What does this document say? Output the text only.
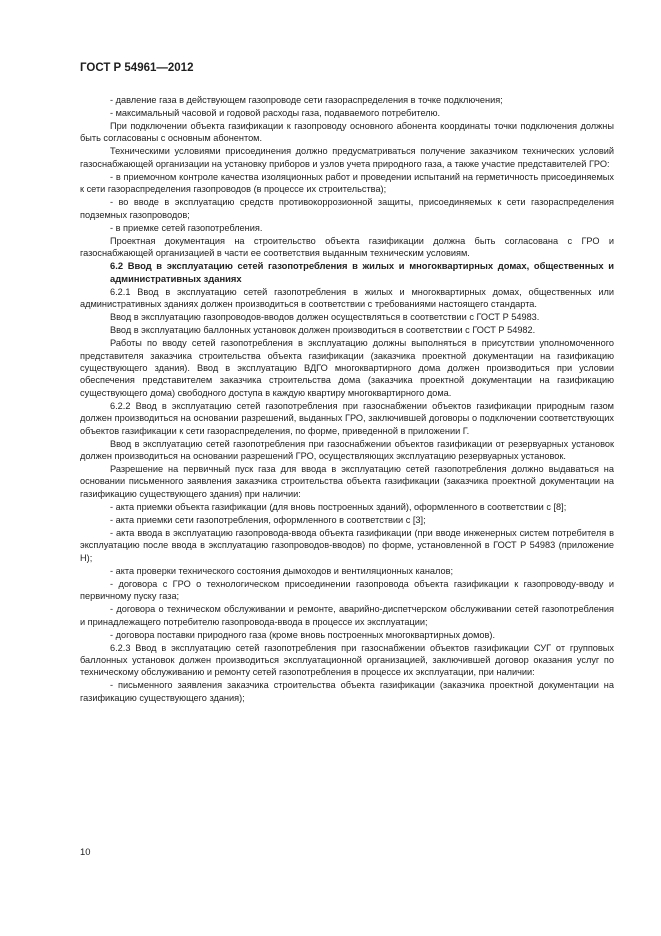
ГОСТ Р 54961—2012

- давление газа в действующем газопроводе сети газораспределения в точке подключения;

- максимальный часовой и годовой расходы газа, подаваемого потребителю.

При подключении объекта газификации к газопроводу основного абонента координаты точки подключения должны быть согласованы с основным абонентом.

Техническими условиями присоединения должно предусматриваться получение заказчиком технических условий газоснабжающей организации на установку приборов и узлов учета природного газа, а также участие представителей ГРО:

- в приемочном контроле качества изоляционных работ и проведении испытаний на герметичность присоединяемых к сети газораспределения газопроводов (в процессе их строительства);

- во вводе в эксплуатацию средств противокоррозионной защиты, присоединяемых к сети газораспределения подземных газопроводов;

- в приемке сетей газопотребления.

Проектная документация на строительство объекта газификации должна быть согласована с ГРО и газоснабжающей организацией в части ее соответствия выданным техническим условиям.

6.2 Ввод в эксплуатацию сетей газопотребления в жилых и многоквартирных домах, общественных и административных зданиях

6.2.1 Ввод в эксплуатацию сетей газопотребления в жилых и многоквартирных домах, общественных или административных зданиях должен производиться в соответствии с требованиями настоящего стандарта.

Ввод в эксплуатацию газопроводов-вводов должен осуществляться в соответствии с ГОСТ Р 54983.

Ввод в эксплуатацию баллонных установок должен производиться в соответствии с ГОСТ Р 54982.

Работы по вводу сетей газопотребления в эксплуатацию должны выполняться в присутствии уполномоченного представителя заказчика строительства объекта газификации (заказчика проектной документации на газификацию существующего здания). Ввод в эксплуатацию ВДГО многоквартирного дома должен производиться при условии обеспечения представителем заказчика строительства дома (заказчика проектной документации на газификацию существующего дома) свободного доступа в каждую квартиру многоквартирного дома.

6.2.2 Ввод в эксплуатацию сетей газопотребления при газоснабжении объектов газификации природным газом должен производиться на основании разрешений, выданных ГРО, заключившей договоры о подключении соответствующих объектов газификации к сети газораспределения, по форме, приведенной в приложении Г.

Ввод в эксплуатацию сетей газопотребления при газоснабжении объектов газификации от резервуарных установок должен производиться на основании разрешений ГРО, осуществляющих эксплуатацию резервуарных установок.

Разрешение на первичный пуск газа для ввода в эксплуатацию сетей газопотребления должно выдаваться на основании письменного заявления заказчика строительства объекта газификации (заказчика проектной документации на газификацию существующего здания) при наличии:

- акта приемки объекта газификации (для вновь построенных зданий), оформленного в соответствии с [8];

- акта приемки сети газопотребления, оформленного в соответствии с [3];

- акта ввода в эксплуатацию газопровода-ввода объекта газификации (при вводе инженерных систем потребителя в эксплуатацию после ввода в эксплуатацию газопроводов-вводов) по форме, установленной в ГОСТ Р 54983 (приложение Н);

- акта проверки технического состояния дымоходов и вентиляционных каналов;

- договора с ГРО о технологическом присоединении газопровода объекта газификации к газопроводу-вводу и первичному пуску газа;

- договора о техническом обслуживании и ремонте, аварийно-диспетчерском обслуживании сетей газопотребления и принадлежащего потребителю газопровода-ввода в процессе их эксплуатации;

- договора поставки природного газа (кроме вновь построенных многоквартирных домов).

6.2.3 Ввод в эксплуатацию сетей газопотребления при газоснабжении объектов газификации СУГ от групповых баллонных установок должен производиться эксплуатационной организацией, заключившей договор оказания услуг по техническому обслуживанию и ремонту сетей газопотребления в процессе их эксплуатации, при наличии:

- письменного заявления заказчика строительства объекта газификации (заказчика проектной документации на газификацию существующего здания);

10
